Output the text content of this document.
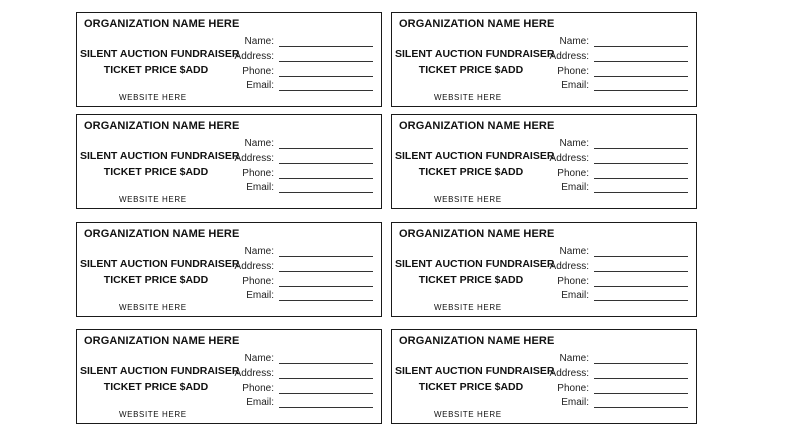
ORGANIZATION NAME HERE
SILENT AUCTION FUNDRAISER
TICKET PRICE $ADD
WEBSITE HERE
Name:
Address:
Phone:
Email:
ORGANIZATION NAME HERE
SILENT AUCTION FUNDRAISER
TICKET PRICE $ADD
WEBSITE HERE
Name:
Address:
Phone:
Email:
ORGANIZATION NAME HERE
SILENT AUCTION FUNDRAISER
TICKET PRICE $ADD
WEBSITE HERE
Name:
Address:
Phone:
Email:
ORGANIZATION NAME HERE
SILENT AUCTION FUNDRAISER
TICKET PRICE $ADD
WEBSITE HERE
Name:
Address:
Phone:
Email:
ORGANIZATION NAME HERE
SILENT AUCTION FUNDRAISER
TICKET PRICE $ADD
WEBSITE HERE
Name:
Address:
Phone:
Email:
ORGANIZATION NAME HERE
SILENT AUCTION FUNDRAISER
TICKET PRICE $ADD
WEBSITE HERE
Name:
Address:
Phone:
Email:
ORGANIZATION NAME HERE
SILENT AUCTION FUNDRAISER
TICKET PRICE $ADD
WEBSITE HERE
Name:
Address:
Phone:
Email:
ORGANIZATION NAME HERE
SILENT AUCTION FUNDRAISER
TICKET PRICE $ADD
WEBSITE HERE
Name:
Address:
Phone:
Email:
